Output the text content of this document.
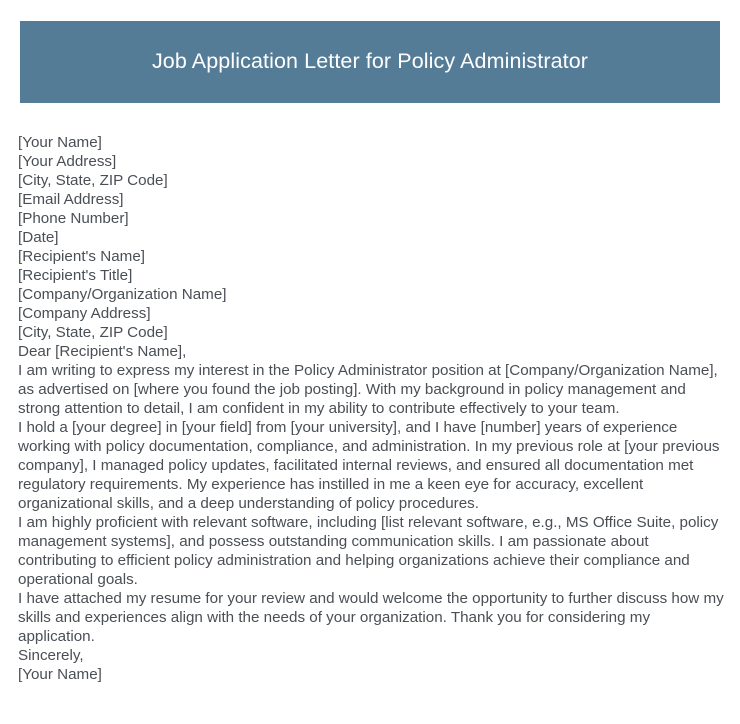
Job Application Letter for Policy Administrator
[Your Name]
[Your Address]
[City, State, ZIP Code]
[Email Address]
[Phone Number]
[Date]
[Recipient's Name]
[Recipient's Title]
[Company/Organization Name]
[Company Address]
[City, State, ZIP Code]
Dear [Recipient's Name],

I am writing to express my interest in the Policy Administrator position at [Company/Organization Name], as advertised on [where you found the job posting]. With my background in policy management and strong attention to detail, I am confident in my ability to contribute effectively to your team.

I hold a [your degree] in [your field] from [your university], and I have [number] years of experience working with policy documentation, compliance, and administration. In my previous role at [your previous company], I managed policy updates, facilitated internal reviews, and ensured all documentation met regulatory requirements. My experience has instilled in me a keen eye for accuracy, excellent organizational skills, and a deep understanding of policy procedures.

I am highly proficient with relevant software, including [list relevant software, e.g., MS Office Suite, policy management systems], and possess outstanding communication skills. I am passionate about contributing to efficient policy administration and helping organizations achieve their compliance and operational goals.

I have attached my resume for your review and would welcome the opportunity to further discuss how my skills and experiences align with the needs of your organization. Thank you for considering my application.

Sincerely,
[Your Name]
